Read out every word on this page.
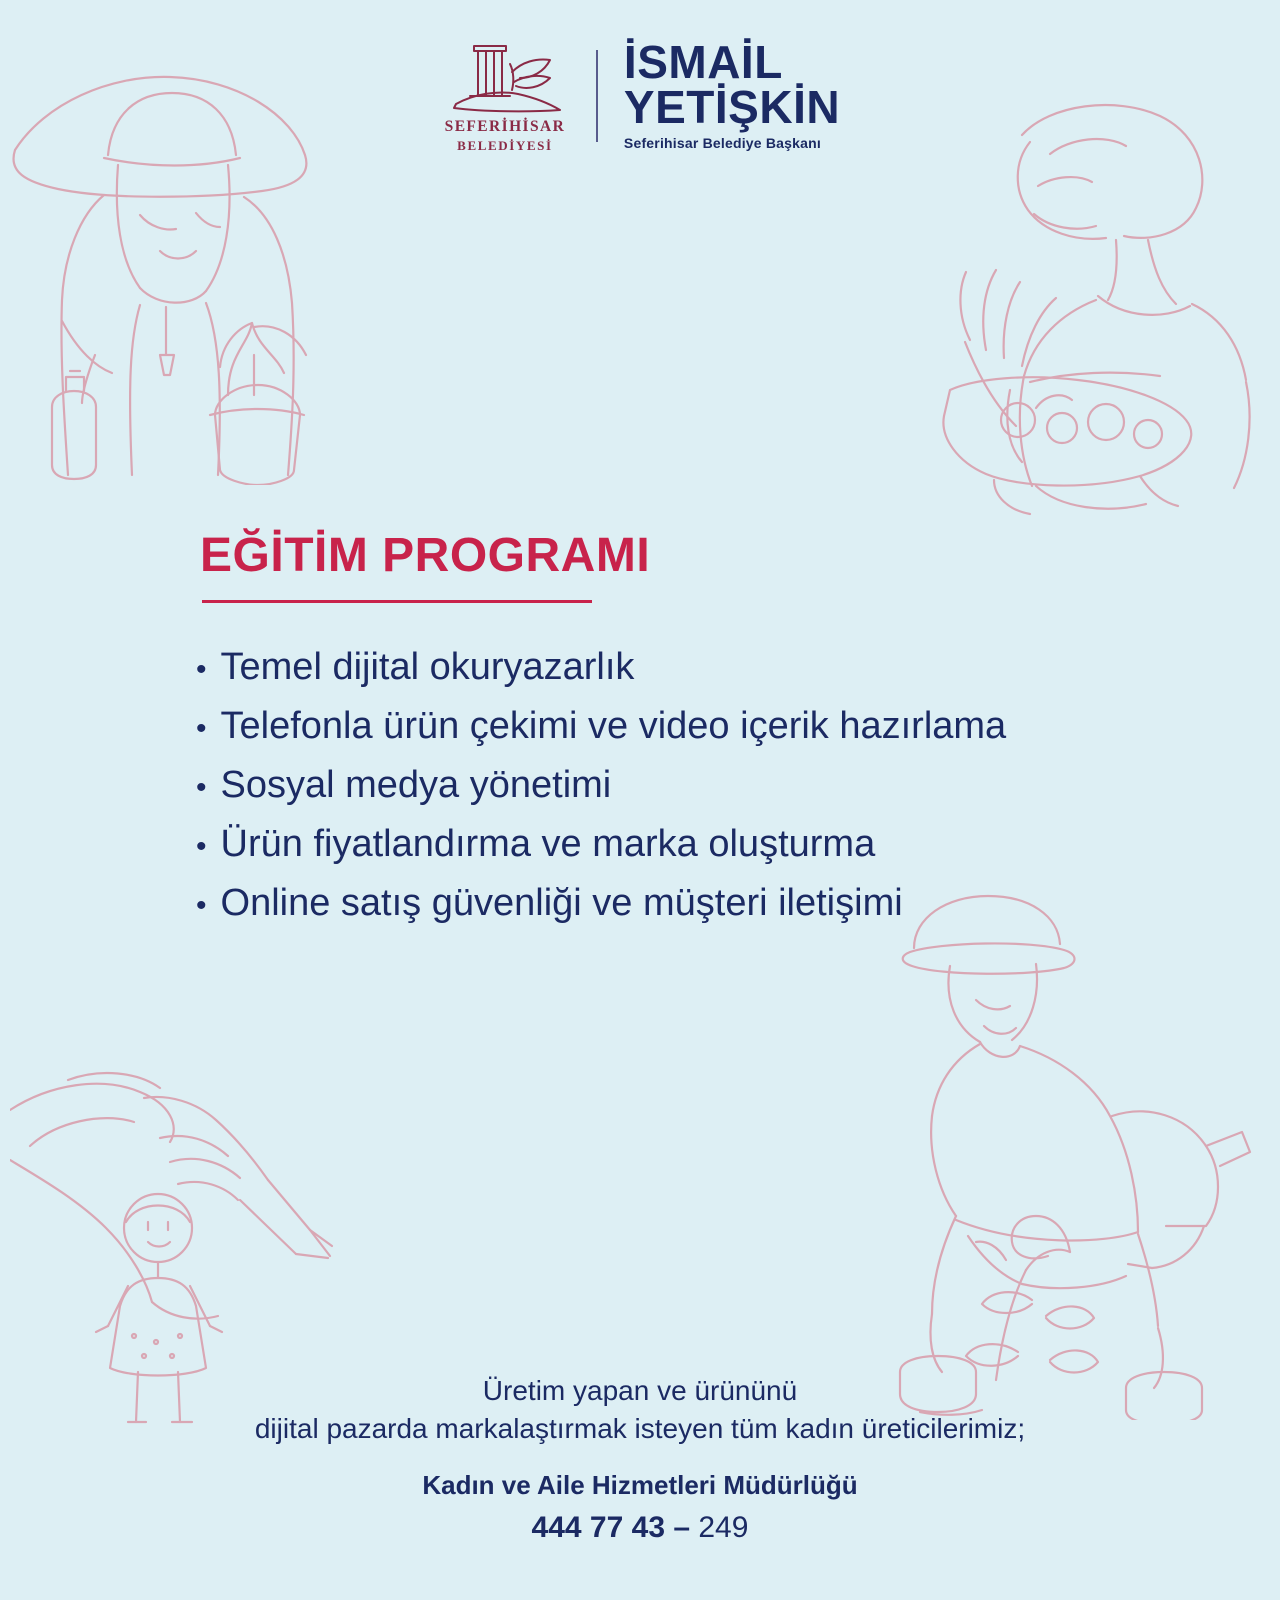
SEFERİHİSAR
BELEDİYESİ
İSMAİL
YETİŞKİN
Seferihisar Belediye Başkanı
EĞİTİM PROGRAMI
• Temel dijital okuryazarlık
• Telefonla ürün çekimi ve video içerik hazırlama
• Sosyal medya yönetimi
• Ürün fiyatlandırma ve marka oluşturma
• Online satış güvenliği ve müşteri iletişimi
Üretim yapan ve ürününü
dijital pazarda markalaştırmak isteyen tüm kadın üreticilerimiz;
Kadın ve Aile Hizmetleri Müdürlüğü
444 77 43 – 249
